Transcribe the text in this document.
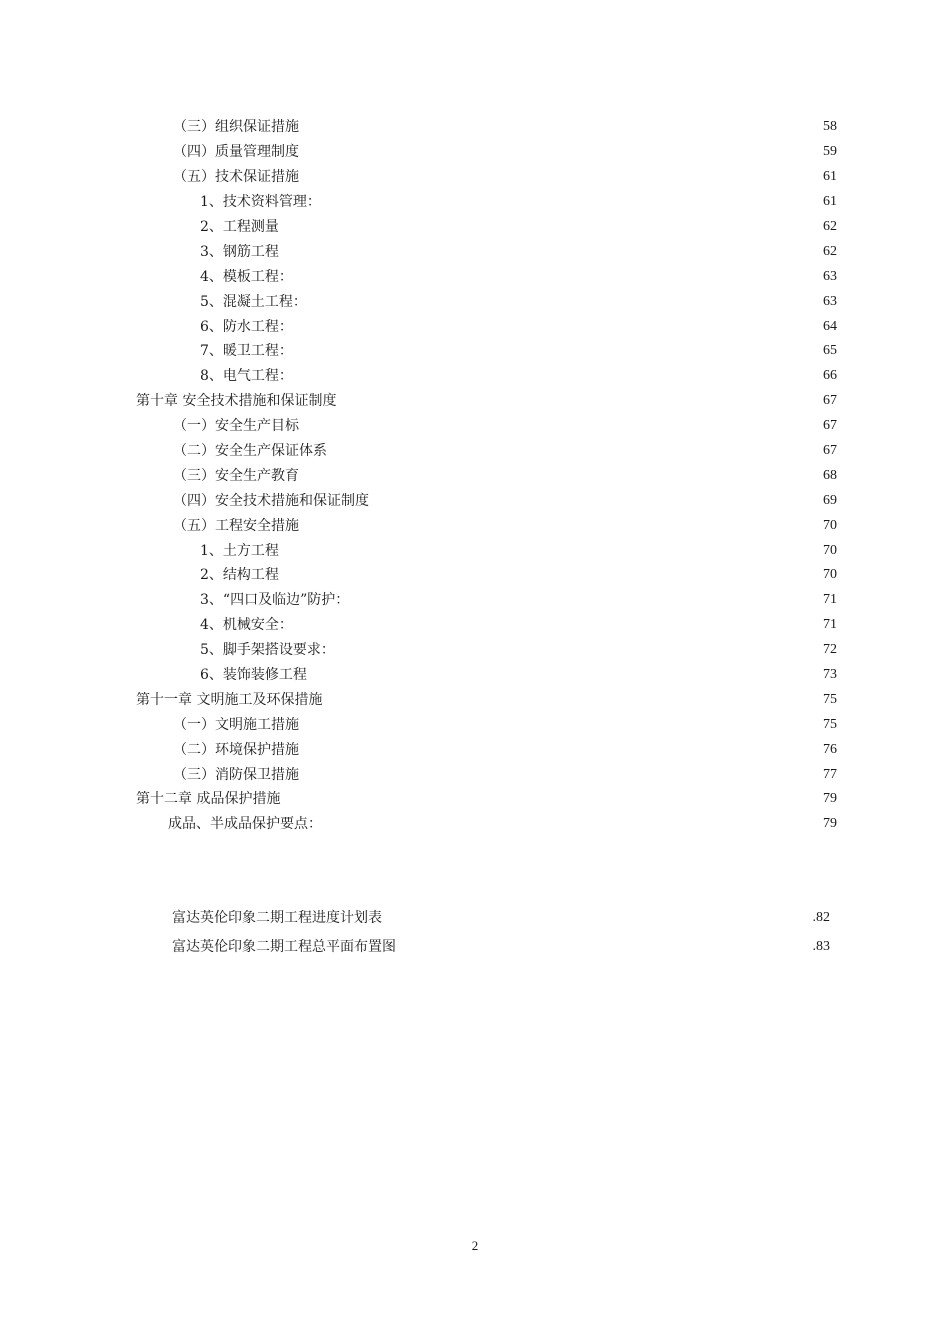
（三）组织保证措施	58
（四）质量管理制度	59
（五）技术保证措施	61
1、技术资料管理：	61
2、工程测量	62
3、钢筋工程	62
4、模板工程：	63
5、混凝土工程：	63
6、防水工程：	64
7、暖卫工程：	65
8、电气工程：	66
第十章 安全技术措施和保证制度	67
（一）安全生产目标	67
（二）安全生产保证体系	67
（三）安全生产教育	68
（四）安全技术措施和保证制度	69
（五）工程安全措施	70
1、土方工程	70
2、结构工程	70
3、“四口及临边”防护：	71
4、机械安全：	71
5、脚手架搭设要求：	72
6、装饰装修工程	73
第十一章 文明施工及环保措施	75
（一）文明施工措施	75
（二）环境保护措施	76
（三）消防保卫措施	77
第十二章 成品保护措施	79
成品、半成品保护要点：	79
富达英伦印象二期工程进度计划表	.82
富达英伦印象二期工程总平面布置图	.83
2
